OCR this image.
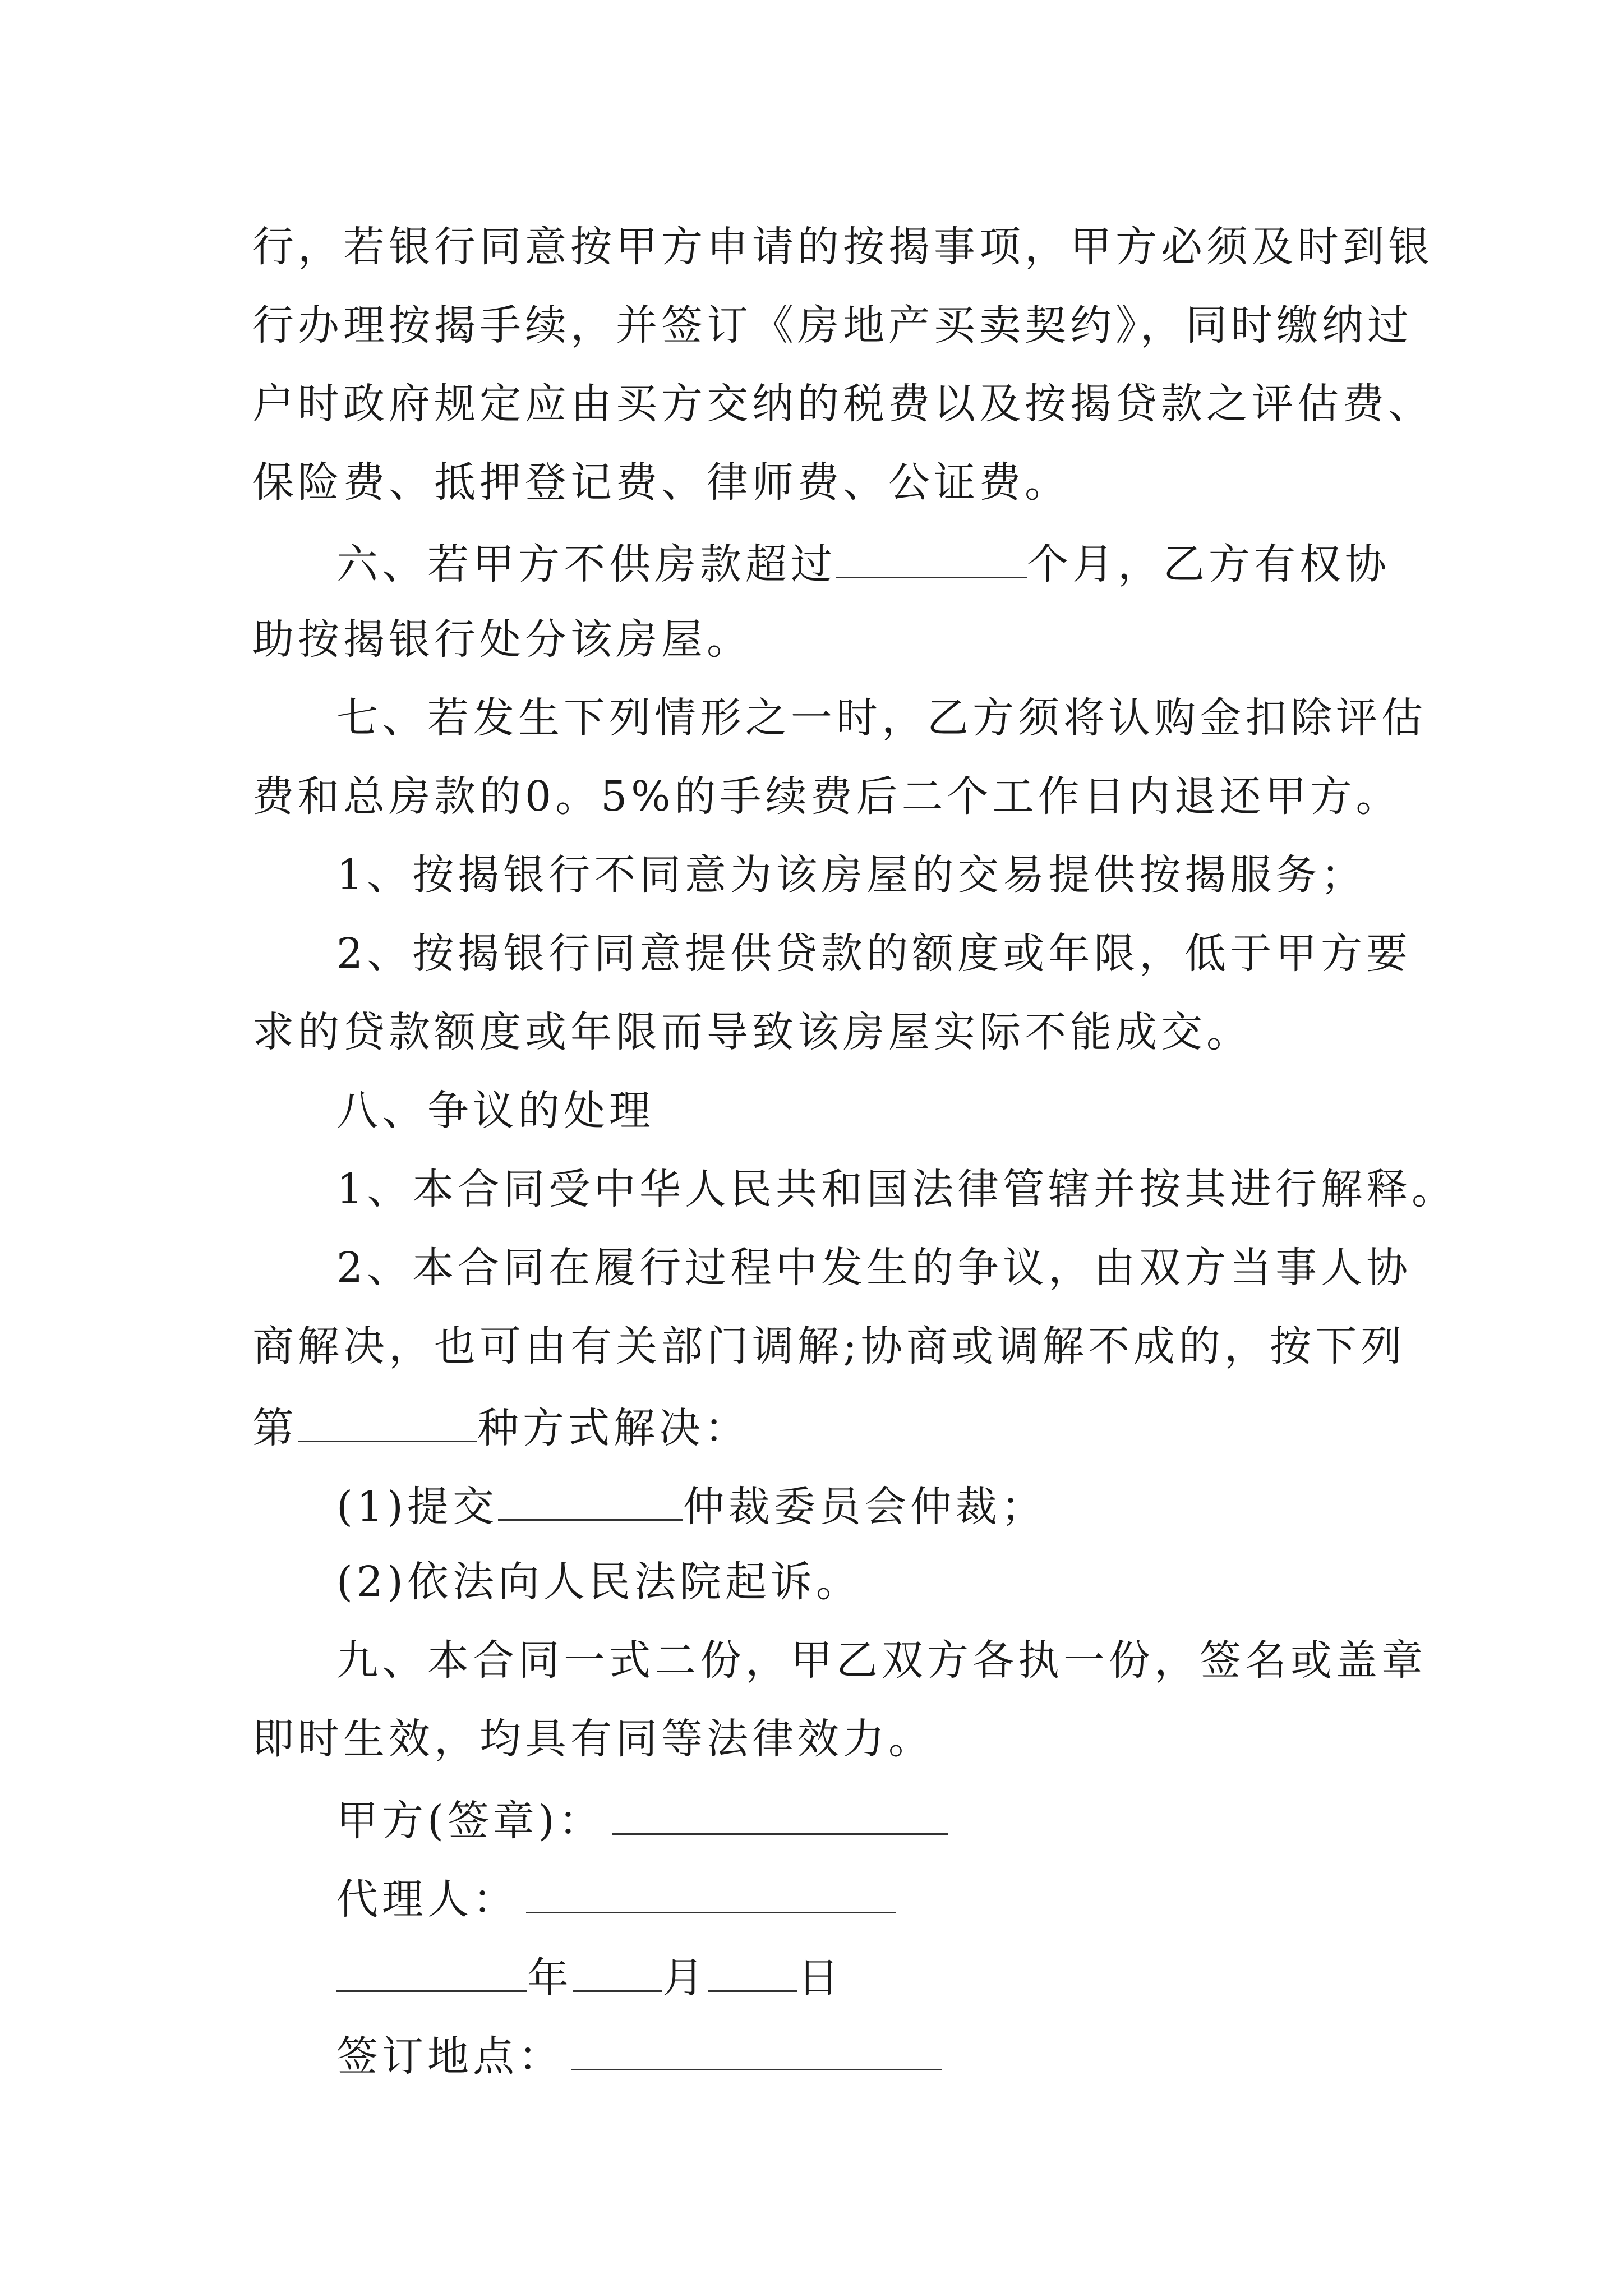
行，若银行同意按甲方申请的按揭事项，甲方必须及时到银
行办理按揭手续，并签订《房地产买卖契约》，同时缴纳过
户时政府规定应由买方交纳的税费以及按揭贷款之评估费、
保险费、抵押登记费、律师费、公证费。
六、若甲方不供房款超过	个月，乙方有权协
助按揭银行处分该房屋。
七、若发生下列情形之一时，乙方须将认购金扣除评估
费和总房款的0。5%的手续费后二个工作日内退还甲方。
1、按揭银行不同意为该房屋的交易提供按揭服务；
2、按揭银行同意提供贷款的额度或年限，低于甲方要
求的贷款额度或年限而导致该房屋实际不能成交。
八、争议的处理
1、本合同受中华人民共和国法律管辖并按其进行解释。
2、本合同在履行过程中发生的争议，由双方当事人协
商解决，也可由有关部门调解;协商或调解不成的，按下列
第	种方式解决：
(1)提交	仲裁委员会仲裁；
(2)依法向人民法院起诉。
九、本合同一式二份，甲乙双方各执一份，签名或盖章
即时生效，均具有同等法律效力。
甲方(签章)：
代理人：
年 月 日
签订地点：
